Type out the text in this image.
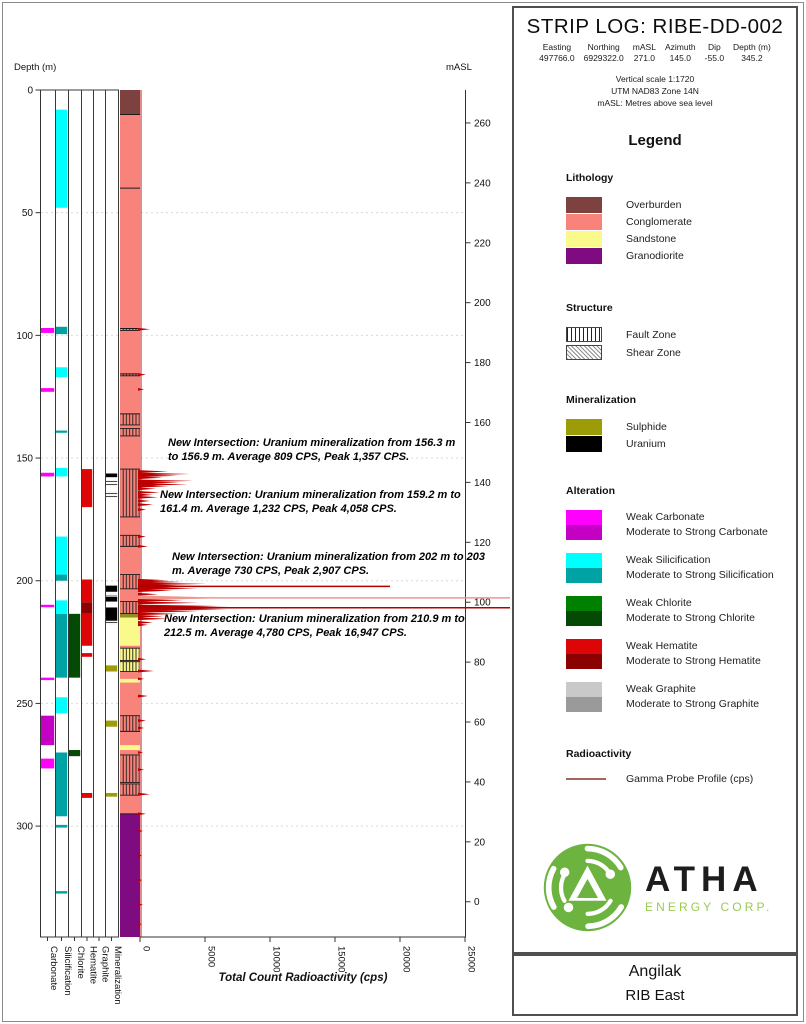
Depth (m)	mASL
0
50
100
150
200
250
300
260
240
220
200
180
160
140
120
100
80
60
40
20
0
0	5000	10000	15000	20000	25000
Carbonate Silicification Chlorite Hematite Graphite Mineralization
New Intersection: Uranium mineralization from 156.3 m to 156.9 m. Average 809 CPS, Peak 1,357 CPS.
New Intersection: Uranium mineralization from 159.2 m to 161.4 m. Average 1,232 CPS, Peak 4,058 CPS.
New Intersection: Uranium mineralization from 202 m to 203 m. Average 730 CPS, Peak 2,907 CPS.
New Intersection: Uranium mineralization from 210.9 m to 212.5 m. Average 4,780 CPS, Peak 16,947 CPS.
Total Count Radioactivity (cps)
STRIP LOG: RIBE-DD-002
Easting
497766.0
Northing
6929322.0
mASL
271.0
Azimuth
145.0
Dip
-55.0
Depth (m)
345.2
Vertical scale 1:1720
UTM NAD83 Zone 14N
mASL: Metres above sea level
Legend
Lithology
Overburden
Conglomerate
Sandstone
Granodiorite
Structure
Fault Zone
Shear Zone
Mineralization
Sulphide
Uranium
Alteration
Weak Carbonate
Moderate to Strong Carbonate
Weak Silicification
Moderate to Strong Silicification
Weak Chlorite
Moderate to Strong Chlorite
Weak Hematite
Moderate to Strong Hematite
Weak Graphite
Moderate to Strong Graphite
Radioactivity
Gamma Probe Profile (cps)
ATHA
ENERGY CORP.
Angilak
RIB East
